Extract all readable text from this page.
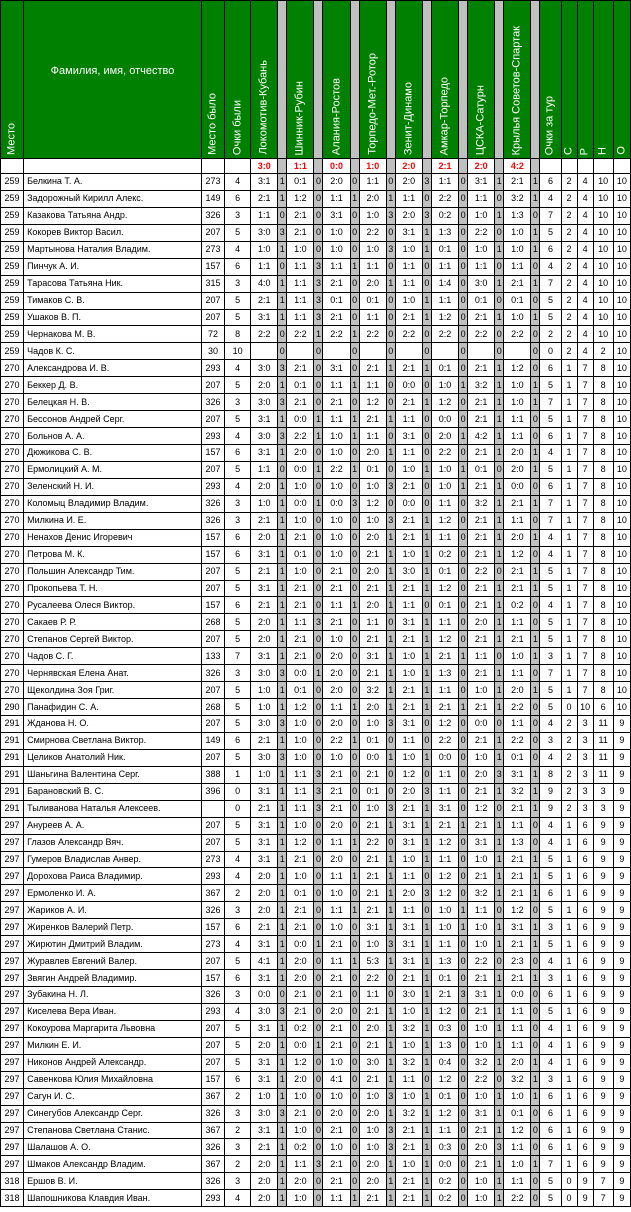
Место	Фамилия, имя, отчество	Место было	Очки были	Локомотив-Кубань		Шинник-Рубин		Алания-Ростов		Торпедо-Мет.-Ротор		Зенит-Динамо		Амкар-Торпедо		ЦСКА-Сатурн		Крылья Советов-Спартак		Очки за тур	С	Р	Н	О

				3:0		1:1		0:0		1:0		2:0		2:1		2:0		4:2						
259	Белкина Т. А.	273	4	3:1	1	0:1	0	2:0	0	1:1	0	2:0	3	1:1	0	3:1	1	2:1	1	6	2	4	10	10
259	Задорожный Кирилл Алекс.	149	6	2:1	1	1:2	0	1:1	1	2:0	1	1:1	0	2:2	0	1:1	0	3:2	1	4	2	4	10	10
259	Казакова Татьяна Андр.	326	3	1:1	0	2:1	0	3:1	0	1:0	3	2:0	3	0:2	0	1:0	1	1:3	0	7	2	4	10	10
259	Кокорев Виктор Васил.	207	5	3:0	3	2:1	0	1:0	0	2:2	0	3:1	1	1:3	0	2:2	0	1:0	1	5	2	4	10	10
259	Мартынова Наталия Владим.	273	4	1:0	1	1:0	0	1:0	0	1:0	3	1:0	1	0:1	0	1:0	1	1:0	1	6	2	4	10	10
259	Пинчук А. И.	157	6	1:1	0	1:1	3	1:1	1	1:1	0	1:1	0	1:1	0	1:1	0	1:1	0	4	2	4	10	10
259	Тарасова Татьяна Ник.	315	3	4:0	1	1:1	3	2:1	0	2:0	1	1:1	0	1:4	0	3:0	1	2:1	1	7	2	4	10	10
259	Тимаков С. В.	207	5	2:1	1	1:1	3	0:1	0	0:1	0	1:0	1	1:1	0	0:1	0	0:1	0	5	2	4	10	10
259	Ушаков В. П.	207	5	3:1	1	1:1	3	2:1	0	1:1	0	2:1	1	1:2	0	2:1	1	1:0	1	5	2	4	10	10
259	Чернакова М. В.	72	8	2:2	0	2:2	1	2:2	1	2:2	0	2:2	0	2:2	0	2:2	0	2:2	0	2	2	4	10	10
259	Чадов К. С.	30	10		0		0		0		0		0		0		0		0	0	2	4	2	10
270	Александрова И. В.	293	4	3:0	3	2:1	0	3:1	0	2:1	1	2:1	1	0:1	0	2:1	1	1:2	0	6	1	7	8	10
270	Беккер Д. В.	207	5	2:0	1	0:1	0	1:1	1	1:1	0	0:0	0	1:0	1	3:2	1	1:0	1	5	1	7	8	10
270	Белецкая Н. В.	326	3	3:0	3	2:1	0	2:1	0	1:2	0	2:1	1	1:2	0	2:1	1	1:0	1	7	1	7	8	10
270	Бессонов Андрей Серг.	207	5	3:1	1	0:0	1	1:1	1	2:1	1	1:1	0	0:0	0	2:1	1	1:1	0	5	1	7	8	10
270	Больнов А. А.	293	4	3:0	3	2:2	1	1:0	1	1:1	0	3:1	0	2:0	1	4:2	1	1:1	0	6	1	7	8	10
270	Дюжикова С. В.	157	6	3:1	1	2:0	0	1:0	0	2:0	1	1:1	0	2:2	0	2:1	1	2:0	1	4	1	7	8	10
270	Ермолицкий А. М.	207	5	1:1	0	0:0	1	2:2	1	0:1	0	1:0	1	1:0	1	0:1	0	2:0	1	5	1	7	8	10
270	Зеленский Н. И.	293	4	2:0	1	1:0	0	1:0	0	1:0	3	2:1	0	1:0	1	2:1	1	0:0	0	6	1	7	8	10
270	Коломыц Владимир Владим.	326	3	1:0	1	0:0	1	0:0	3	1:2	0	0:0	0	1:1	0	3:2	1	2:1	1	7	1	7	8	10
270	Милкина И. Е.	326	3	2:1	1	1:0	0	1:0	0	1:0	3	2:1	1	1:2	0	2:1	1	1:1	0	7	1	7	8	10
270	Ненахов Денис Игоревич	157	6	2:0	1	2:1	0	1:0	0	2:0	1	2:1	1	1:1	0	2:1	1	2:0	1	4	1	7	8	10
270	Петрова М. К.	157	6	3:1	1	0:1	0	1:0	0	2:1	1	1:0	1	0:2	0	2:1	1	1:2	0	4	1	7	8	10
270	Польшин Александр Тим.	207	5	2:1	1	1:0	0	2:1	0	2:0	1	3:0	1	0:1	0	2:2	0	2:1	1	5	1	7	8	10
270	Прокопьева Т. Н.	207	5	3:1	1	2:1	0	2:1	0	2:1	1	2:1	1	1:2	0	2:1	1	2:1	1	5	1	7	8	10
270	Русалеева Олеся Виктор.	157	6	2:1	1	2:1	0	1:1	1	2:0	1	1:1	0	0:1	0	2:1	1	0:2	0	4	1	7	8	10
270	Сакаев Р. Р.	268	5	2:0	1	1:1	3	2:1	0	1:1	0	3:1	1	1:1	0	2:0	1	1:1	0	5	1	7	8	10
270	Степанов Сергей Виктор.	207	5	2:0	1	2:1	0	1:0	0	2:1	1	2:1	1	1:2	0	2:1	1	2:1	1	5	1	7	8	10
270	Чадов С. Г.	133	7	3:1	1	2:1	0	2:0	0	3:1	1	1:0	1	2:1	1	1:1	0	1:0	1	3	1	7	8	10
270	Чернявская Елена Анат.	326	3	3:0	3	0:0	1	2:0	0	2:1	1	1:0	1	1:3	0	2:1	1	1:1	0	7	1	7	8	10
270	Щеколдина Зоя Григ.	207	5	1:0	1	0:1	0	2:0	0	3:2	1	2:1	1	1:1	0	1:0	1	2:0	1	5	1	7	8	10
290	Панафидин С. А.	268	5	1:0	1	1:2	0	1:1	1	2:0	1	2:1	1	2:1	1	2:1	1	2:2	0	5	0	10	6	10
291	Жданова Н. О.	207	5	3:0	3	1:0	0	2:0	0	1:0	3	3:1	0	1:2	0	0:0	0	1:1	0	4	2	3	11	9
291	Смирнова Светлана Виктор.	149	6	2:1	1	1:0	0	2:2	1	0:1	0	1:1	0	2:2	0	2:1	1	2:2	0	3	2	3	11	9
291	Целиков Анатолий Ник.	207	5	3:0	3	1:0	0	1:0	0	0:0	1	1:0	1	0:0	0	1:0	1	0:1	0	4	2	3	11	9
291	Шаньгина Валентина Серг.	388	1	1:0	1	1:1	3	2:1	0	2:1	0	1:2	0	1:1	0	2:0	3	3:1	1	8	2	3	11	9
291	Барановский В. С.	396	0	3:1	1	1:1	3	2:1	0	0:1	0	2:0	3	1:1	0	2:1	1	3:2	1	9	2	3	3	9
291	Тыливанова Наталья Алексеев.		0	2:1	1	1:1	3	2:1	0	1:0	3	2:1	1	3:1	0	1:2	0	2:1	1	9	2	3	3	9
297	Ануреев А. А.	207	5	3:1	1	1:0	0	2:0	0	2:1	1	3:1	1	2:1	1	2:1	1	1:1	0	4	1	6	9	9
297	Глазов Александр Вяч.	207	5	3:1	1	1:2	0	1:1	1	2:2	0	3:1	1	1:2	0	3:1	1	1:3	0	4	1	6	9	9
297	Гумеров Владислав Анвер.	273	4	3:1	1	2:1	0	2:0	0	2:1	1	1:0	1	1:1	0	1:0	1	2:1	1	5	1	6	9	9
297	Дорохова Раиса Владимир.	293	4	2:0	1	1:0	0	1:1	1	2:1	1	1:1	0	1:2	0	2:1	1	2:1	1	5	1	6	9	9
297	Ермоленко И. А.	367	2	2:0	1	0:1	0	1:0	0	2:1	1	2:0	3	1:2	0	3:2	1	2:1	1	6	1	6	9	9
297	Жариков А. И.	326	3	2:0	1	2:1	0	1:1	1	2:1	1	1:1	0	1:0	1	1:1	0	1:2	0	5	1	6	9	9
297	Жиренков Валерий Петр.	157	6	2:1	1	2:1	0	1:0	0	3:1	1	3:1	1	1:0	1	1:0	1	3:1	1	3	1	6	9	9
297	Жирютин Дмитрий Владим.	273	4	3:1	1	0:0	1	2:1	0	1:0	3	3:1	1	1:1	0	1:0	1	2:1	1	5	1	6	9	9
297	Журавлев Евгений Валер.	207	5	4:1	1	2:0	0	1:1	1	5:3	1	3:1	1	1:3	0	2:2	0	2:3	0	4	1	6	9	9
297	Звягин Андрей Владимир.	157	6	3:1	1	2:0	0	2:1	0	2:2	0	2:1	1	0:1	0	2:1	1	2:1	1	3	1	6	9	9
297	Зубакина Н. Л.	326	3	0:0	0	2:1	0	2:1	0	1:1	0	3:0	1	2:1	3	3:1	1	0:0	0	6	1	6	9	9
297	Киселева Вера Иван.	293	4	3:0	3	2:1	0	2:0	0	2:1	1	1:0	1	1:2	0	2:1	1	1:1	0	5	1	6	9	9
297	Кокоурова Маргарита Львовна	207	5	3:1	1	0:2	0	2:1	0	2:0	1	3:2	1	0:3	0	1:0	1	1:1	0	4	1	6	9	9
297	Милкин Е. И.	207	5	2:0	1	0:0	1	2:1	0	2:1	1	1:0	1	1:3	0	1:0	1	1:1	0	4	1	6	9	9
297	Никонов Андрей Александр.	207	5	3:1	1	1:2	0	1:0	0	3:0	1	3:2	1	0:4	0	3:2	1	2:0	1	4	1	6	9	9
297	Савенкова Юлия Михайловна	157	6	3:1	1	2:0	0	4:1	0	2:1	1	1:1	0	1:2	0	2:2	0	3:2	1	3	1	6	9	9
297	Сагун И. С.	367	2	1:0	1	1:0	0	1:0	0	1:0	3	1:0	1	0:1	0	1:0	1	1:0	1	6	1	6	9	9
297	Синегубов Александр Серг.	326	3	3:0	3	2:1	0	2:0	0	2:0	1	3:2	1	1:2	0	3:1	1	0:1	0	6	1	6	9	9
297	Степанова Светлана Станис.	367	2	3:1	1	1:0	0	2:1	0	1:0	3	2:1	1	1:1	0	2:1	1	1:2	0	6	1	6	9	9
297	Шалашов А. О.	326	3	2:1	1	0:2	0	1:0	0	1:0	3	2:1	1	0:3	0	2:0	3	1:1	0	6	1	6	9	9
297	Шмаков Александр Владим.	367	2	2:0	1	1:1	3	2:1	0	2:0	1	1:0	1	0:0	0	2:1	1	1:0	1	7	1	6	9	9
318	Ершов В. И.	326	3	2:0	1	2:0	0	2:1	0	2:0	1	2:1	1	0:2	0	1:0	1	1:1	0	5	0	9	7	9
318	Шапошникова Клавдия Иван.	293	4	2:0	1	1:0	0	1:1	1	2:1	1	2:1	1	0:2	0	1:0	1	2:2	0	5	0	9	7	9
